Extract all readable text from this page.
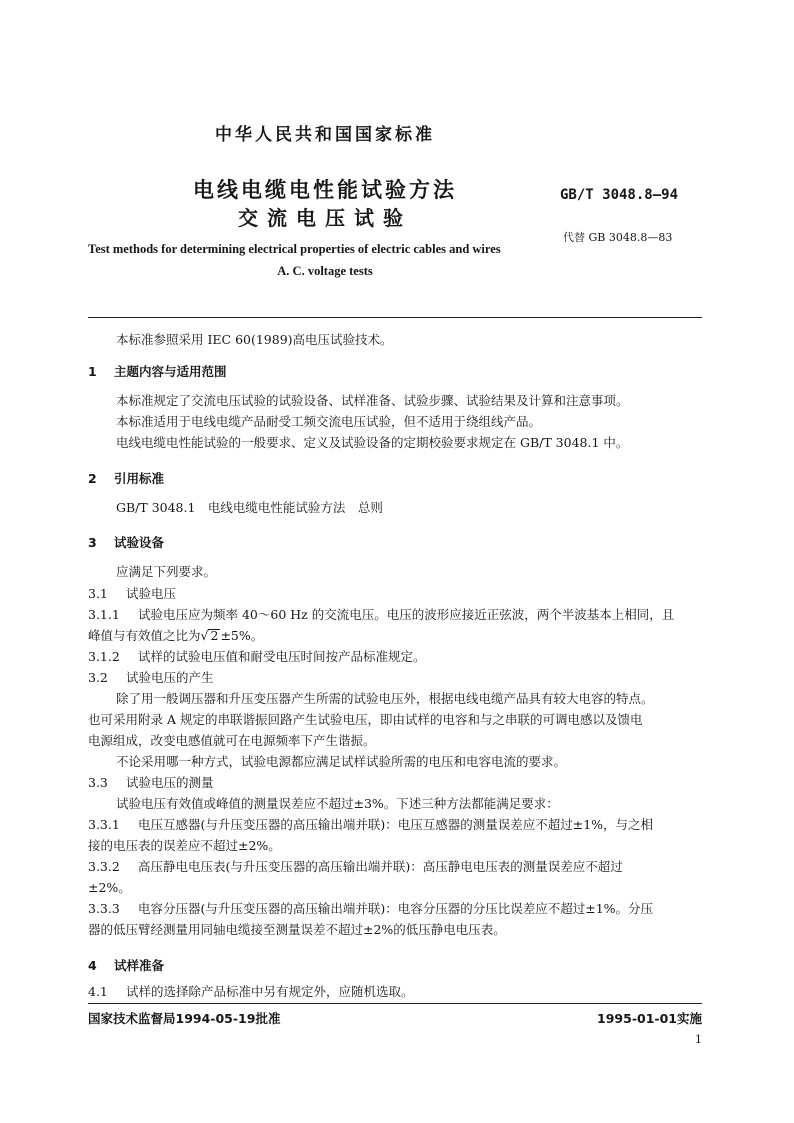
中华人民共和国国家标准
电线电缆电性能试验方法
交流电压试验
GB/T 3048.8—94
代替 GB 3048.8—83
Test methods for determining electrical properties of electric cables and wires
A. C. voltage tests
本标准参照采用 IEC 60(1989)高电压试验技术。
1 主题内容与适用范围
本标准规定了交流电压试验的试验设备、试样准备、试验步骤、试验结果及计算和注意事项。
本标准适用于电线电缆产品耐受工频交流电压试验，但不适用于绕组线产品。
电线电缆电性能试验的一般要求、定义及试验设备的定期校验要求规定在 GB/T 3048.1 中。
2 引用标准
GB/T 3048.1　电线电缆电性能试验方法　总则
3 试验设备
应满足下列要求。
3.1 试验电压
3.1.1 试验电压应为频率 40～60 Hz 的交流电压。电压的波形应接近正弦波，两个半波基本上相同，且
峰值与有效值之比为√ 2 ±5%。
3.1.2 试样的试验电压值和耐受电压时间按产品标准规定。
3.2 试验电压的产生
除了用一般调压器和升压变压器产生所需的试验电压外，根据电线电缆产品具有较大电容的特点。
也可采用附录 A 规定的串联谐振回路产生试验电压，即由试样的电容和与之串联的可调电感以及馈电
电源组成，改变电感值就可在电源频率下产生谐振。
不论采用哪一种方式，试验电源都应满足试样试验所需的电压和电容电流的要求。
3.3 试验电压的测量
试验电压有效值或峰值的测量误差应不超过±3%。下述三种方法都能满足要求：
3.3.1 电压互感器(与升压变压器的高压输出端并联)：电压互感器的测量误差应不超过±1%，与之相
接的电压表的误差应不超过±2%。
3.3.2 高压静电电压表(与升压变压器的高压输出端并联)：高压静电电压表的测量误差应不超过
±2%。
3.3.3 电容分压器(与升压变压器的高压输出端并联)：电容分压器的分压比误差应不超过±1%。分压
器的低压臂经测量用同轴电缆接至测量误差不超过±2%的低压静电电压表。
4 试样准备
4.1 试样的选择除产品标准中另有规定外，应随机选取。
国家技术监督局1994-05-19批准	1995-01-01实施
1
